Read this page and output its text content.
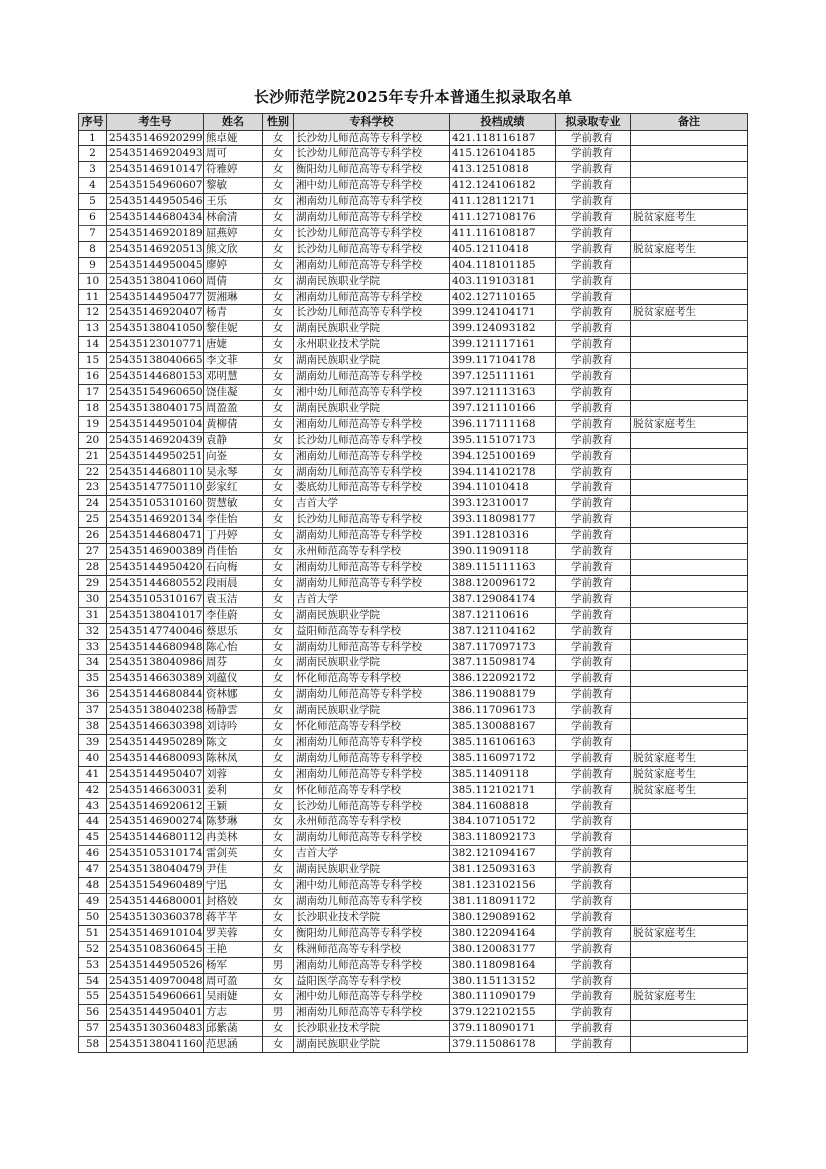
长沙师范学院2025年专升本普通生拟录取名单
序号	考生号	姓名	性别	专科学校	投档成绩	拟录取专业	备注
1	25435146920299	熊卓娅	女	长沙幼儿师范高等专科学校	421.118116187	学前教育	
2	25435146920493	周可	女	长沙幼儿师范高等专科学校	415.126104185	学前教育	
3	25435146910147	符雅婷	女	衡阳幼儿师范高等专科学校	413.12510818	学前教育	
4	25435154960607	黎敏	女	湘中幼儿师范高等专科学校	412.124106182	学前教育	
5	25435144950546	王乐	女	湘南幼儿师范高等专科学校	411.128112171	学前教育	
6	25435144680434	林俞清	女	湖南幼儿师范高等专科学校	411.127108176	学前教育	脱贫家庭考生
7	25435146920189	屈燕婷	女	长沙幼儿师范高等专科学校	411.116108187	学前教育	
8	25435146920513	熊文欣	女	长沙幼儿师范高等专科学校	405.12110418	学前教育	脱贫家庭考生
9	25435144950045	廖婷	女	湘南幼儿师范高等专科学校	404.118101185	学前教育	
10	25435138041060	周倩	女	湖南民族职业学院	403.119103181	学前教育	
11	25435144950477	贺湘琳	女	湘南幼儿师范高等专科学校	402.127110165	学前教育	
12	25435146920407	杨青	女	长沙幼儿师范高等专科学校	399.124104171	学前教育	脱贫家庭考生
13	25435138041050	黎佳妮	女	湖南民族职业学院	399.124093182	学前教育	
14	25435123010771	唐婕	女	永州职业技术学院	399.121117161	学前教育	
15	25435138040665	李文菲	女	湖南民族职业学院	399.117104178	学前教育	
16	25435144680153	邓明慧	女	湖南幼儿师范高等专科学校	397.125111161	学前教育	
17	25435154960650	饶佳凝	女	湘中幼儿师范高等专科学校	397.121113163	学前教育	
18	25435138040175	周盈盈	女	湖南民族职业学院	397.121110166	学前教育	
19	25435144950104	黄柳倩	女	湘南幼儿师范高等专科学校	396.117111168	学前教育	脱贫家庭考生
20	25435146920439	袁静	女	长沙幼儿师范高等专科学校	395.115107173	学前教育	
21	25435144950251	向崟	女	湘南幼儿师范高等专科学校	394.125100169	学前教育	
22	25435144680110	吴永琴	女	湖南幼儿师范高等专科学校	394.114102178	学前教育	
23	25435147750110	彭家红	女	娄底幼儿师范高等专科学校	394.11010418	学前教育	
24	25435105310160	贺慧敏	女	吉首大学	393.12310017	学前教育	
25	25435146920134	李佳怡	女	长沙幼儿师范高等专科学校	393.118098177	学前教育	
26	25435144680471	丁丹婷	女	湖南幼儿师范高等专科学校	391.12810316	学前教育	
27	25435146900389	肖佳怡	女	永州师范高等专科学校	390.11909118	学前教育	
28	25435144950420	石向梅	女	湘南幼儿师范高等专科学校	389.115111163	学前教育	
29	25435144680552	段雨晨	女	湖南幼儿师范高等专科学校	388.120096172	学前教育	
30	25435105310167	袁玉洁	女	吉首大学	387.129084174	学前教育	
31	25435138041017	李佳蔚	女	湖南民族职业学院	387.12110616	学前教育	
32	25435147740046	蔡思乐	女	益阳师范高等专科学校	387.121104162	学前教育	
33	25435144680948	陈心怡	女	湖南幼儿师范高等专科学校	387.117097173	学前教育	
34	25435138040986	周芬	女	湖南民族职业学院	387.115098174	学前教育	
35	25435146630389	刘蕴仪	女	怀化师范高等专科学校	386.122092172	学前教育	
36	25435144680844	资林娜	女	湖南幼儿师范高等专科学校	386.119088179	学前教育	
37	25435138040238	杨静雲	女	湖南民族职业学院	386.117096173	学前教育	
38	25435146630398	刘诗吟	女	怀化师范高等专科学校	385.130088167	学前教育	
39	25435144950289	陈文	女	湘南幼儿师范高等专科学校	385.116106163	学前教育	
40	25435144680093	陈林凤	女	湖南幼儿师范高等专科学校	385.116097172	学前教育	脱贫家庭考生
41	25435144950407	刘蓉	女	湘南幼儿师范高等专科学校	385.11409118	学前教育	脱贫家庭考生
42	25435146630031	姜利	女	怀化师范高等专科学校	385.112102171	学前教育	脱贫家庭考生
43	25435146920612	王颖	女	长沙幼儿师范高等专科学校	384.11608818	学前教育	
44	25435146900274	陈梦琳	女	永州师范高等专科学校	384.107105172	学前教育	
45	25435144680112	冉美林	女	湖南幼儿师范高等专科学校	383.118092173	学前教育	
46	25435105310174	雷剑英	女	吉首大学	382.121094167	学前教育	
47	25435138040479	尹佳	女	湖南民族职业学院	381.125093163	学前教育	
48	25435154960489	宁迅	女	湘中幼儿师范高等专科学校	381.123102156	学前教育	
49	25435144680001	封格姣	女	湖南幼儿师范高等专科学校	381.118091172	学前教育	
50	25435130360378	蒋芊芊	女	长沙职业技术学院	380.129089162	学前教育	
51	25435146910104	罗芙蓉	女	衡阳幼儿师范高等专科学校	380.122094164	学前教育	脱贫家庭考生
52	25435108360645	王艳	女	株洲师范高等专科学校	380.120083177	学前教育	
53	25435144950526	杨军	男	湘南幼儿师范高等专科学校	380.118098164	学前教育	
54	25435140970048	周可盈	女	益阳医学高等专科学校	380.115113152	学前教育	
55	25435154960661	吴雨婕	女	湘中幼儿师范高等专科学校	380.111090179	学前教育	脱贫家庭考生
56	25435144950401	方志	男	湘南幼儿师范高等专科学校	379.122102155	学前教育	
57	25435130360483	邱紫菡	女	长沙职业技术学院	379.118090171	学前教育	
58	25435138041160	范思涵	女	湖南民族职业学院	379.115086178	学前教育	
